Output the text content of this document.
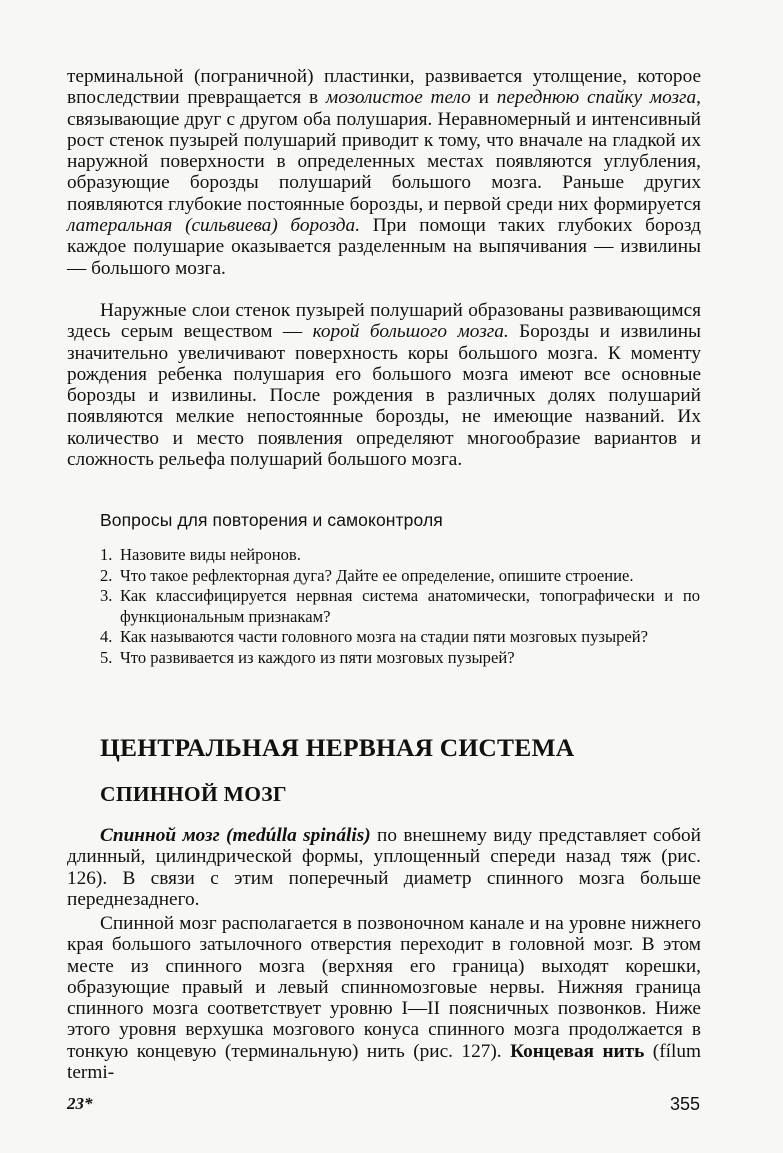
терминальной (пограничной) пластинки, развивается утолщение, которое впоследствии превращается в мозолистое тело и переднюю спайку мозга, связывающие друг с другом оба полушария. Неравномерный и интенсивный рост стенок пузырей полушарий приводит к тому, что вначале на гладкой их наружной поверхности в определенных местах появляются углубления, образующие борозды полушарий большого мозга. Раньше других появляются глубокие постоянные борозды, и первой среди них формируется латеральная (сильвиева) борозда. При помощи таких глубоких борозд каждое полушарие оказывается разделенным на выпячивания — извилины — большого мозга.

Наружные слои стенок пузырей полушарий образованы развивающимся здесь серым веществом — корой большого мозга. Борозды и извилины значительно увеличивают поверхность коры большого мозга. К моменту рождения ребенка полушария его большого мозга имеют все основные борозды и извилины. После рождения в различных долях полушарий появляются мелкие непостоянные борозды, не имеющие названий. Их количество и место появления определяют многообразие вариантов и сложность рельефа полушарий большого мозга.

Вопросы для повторения и самоконтроля
1. Назовите виды нейронов.
2. Что такое рефлекторная дуга? Дайте ее определение, опишите строение.
3. Как классифицируется нервная система анатомически, топографически и по функциональным признакам?
4. Как называются части головного мозга на стадии пяти мозговых пузырей?
5. Что развивается из каждого из пяти мозговых пузырей?
ЦЕНТРАЛЬНАЯ НЕРВНАЯ СИСТЕМА
СПИННОЙ МОЗГ

Спинной мозг (medúlla spinális) по внешнему виду представляет собой длинный, цилиндрической формы, уплощенный спереди назад тяж (рис. 126). В связи с этим поперечный диаметр спинного мозга больше переднезаднего.

Спинной мозг располагается в позвоночном канале и на уровне нижнего края большого затылочного отверстия переходит в головной мозг. В этом месте из спинного мозга (верхняя его граница) выходят корешки, образующие правый и левый спинномозговые нервы. Нижняя граница спинного мозга соответствует уровню I—II поясничных позвонков. Ниже этого уровня верхушка мозгового конуса спинного мозга продолжается в тонкую концевую (терминальную) нить (рис. 127). Концевая нить (fílum termi-

23*	355
